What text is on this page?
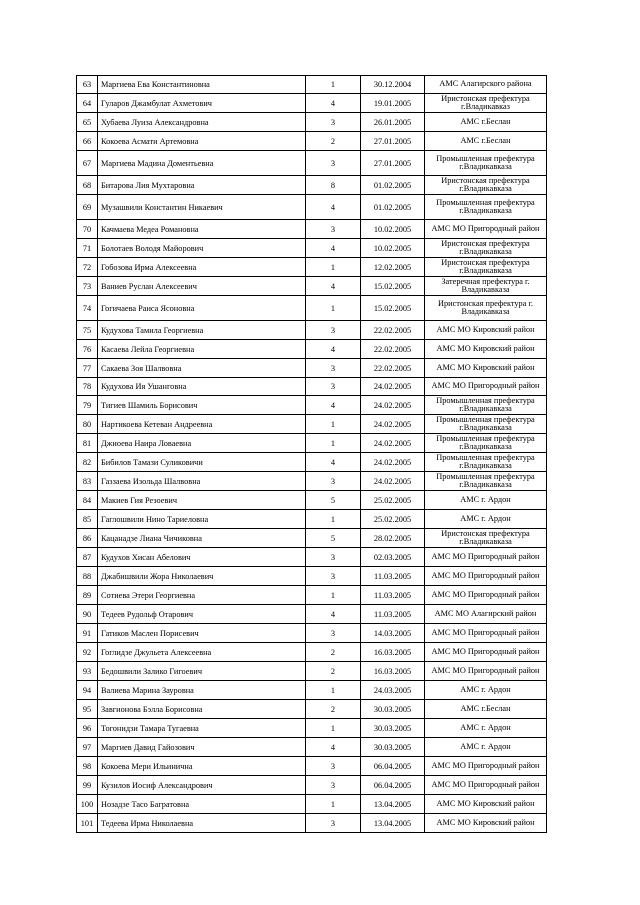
63	Маргиева Ева Константиновна	1	30.12.2004	АМС Алагирского района
64	Гуларов Джамбулат Ахметович	4	19.01.2005	Иристонская префектура г.Владикавказ
65	Хубаева Луиза Александровна	3	26.01.2005	АМС г.Беслан
66	Кокоева Асмати Артемовна	2	27.01.2005	АМС г.Беслан
67	Маргиева Мадина Доментьевна	3	27.01.2005	Промышленная префектура г.Владикавказа
68	Битарова Лия Мухтаровна	8	01.02.2005	Иристонская префектура г.Владикавказа
69	Музашвили Константин Никаевич	4	01.02.2005	Промышленная префектура г.Владикавказа
70	Качмаева Медеа Романовна	3	10.02.2005	АМС МО Пригородный район
71	Болотаев Володя Майорович	4	10.02.2005	Иристонская префектура г.Владикавказа
72	Гобозова Ирма Алексеевна	1	12.02.2005	Иристонская префектура г.Владикавказа
73	Ваниев Руслан Алексеевич	4	15.02.2005	Затеречная префектура г. Владикавказа
74	Гогичаева Раиса Ясоновна	1	15.02.2005	Иристонская префектура г. Владикавказа
75	Кудухова Тамила Георгиевна	3	22.02.2005	АМС МО Кировский район
76	Касаева Лейла Георгиевна	4	22.02.2005	АМС МО Кировский район
77	Сакаева Зоя Шалвовна	3	22.02.2005	АМС МО Кировский район
78	Кудухова Ия Ушанговна	3	24.02.2005	АМС МО Пригородный район
79	Тигиев Шамиль Борисович	4	24.02.2005	Промышленная префектура г.Владикавказа
80	Нартикоева Кетеван Андреевна	1	24.02.2005	Промышленная префектура г.Владикавказа
81	Джиоева Наира Ловаевна	1	24.02.2005	Промышленная префектура г.Владикавказа
82	Бибилов Тамази Суликовичи	4	24.02.2005	Промышленная префектура г.Владикавказа
83	Газзаева Изольда Шалвовна	3	24.02.2005	Промышленная префектура г.Владикавказа
84	Макиев Гия Резоевич	5	25.02.2005	АМС г. Ардон
85	Гаглошвили Нино Тариеловна	1	25.02.2005	АМС г. Ардон
86	Кацанадзе Лиана Чичиковна	5	28.02.2005	Иристонская префектура г.Владикавказа
87	Кудухов Хисан Абелович	3	02.03.2005	АМС МО Пригородный район
88	Джабишвили Жора Николаевич	3	11.03.2005	АМС МО Пригородный район
89	Сотиева Этери Георгиевна	1	11.03.2005	АМС МО Пригородный район
90	Тедеев Рудольф Отарович	4	11.03.2005	АМС МО Алагирский район
91	Гатиков Маслен Порисевич	3	14.03.2005	АМС МО Пригородный район
92	Гоглидзе Джульета Алексеевна	2	16.03.2005	АМС МО Пригородный район
93	Бедошвили Залико Гигоевич	2	16.03.2005	АМС МО Пригородный район
94	Валиева Марина Зауровна	1	24.03.2005	АМС г. Ардон
95	Завгионова Бэлла Борисовна	2	30.03.2005	АМС г.Беслан
96	Тогонидзи Тамара Тугаевна	1	30.03.2005	АМС г. Ардон
97	Маргиев Давид Гайозович	4	30.03.2005	АМС г. Ардон
98	Кокоева Мери Ильинична	3	06.04.2005	АМС МО Пригородный район
99	Кузилов Иосиф Александрович	3	06.04.2005	АМС МО Пригородный район
100	Нозадзе Тасо Багратовна	1	13.04.2005	АМС МО Кировский район
101	Тедеева Ирма Николаевна	3	13.04.2005	АМС МО Кировский район
